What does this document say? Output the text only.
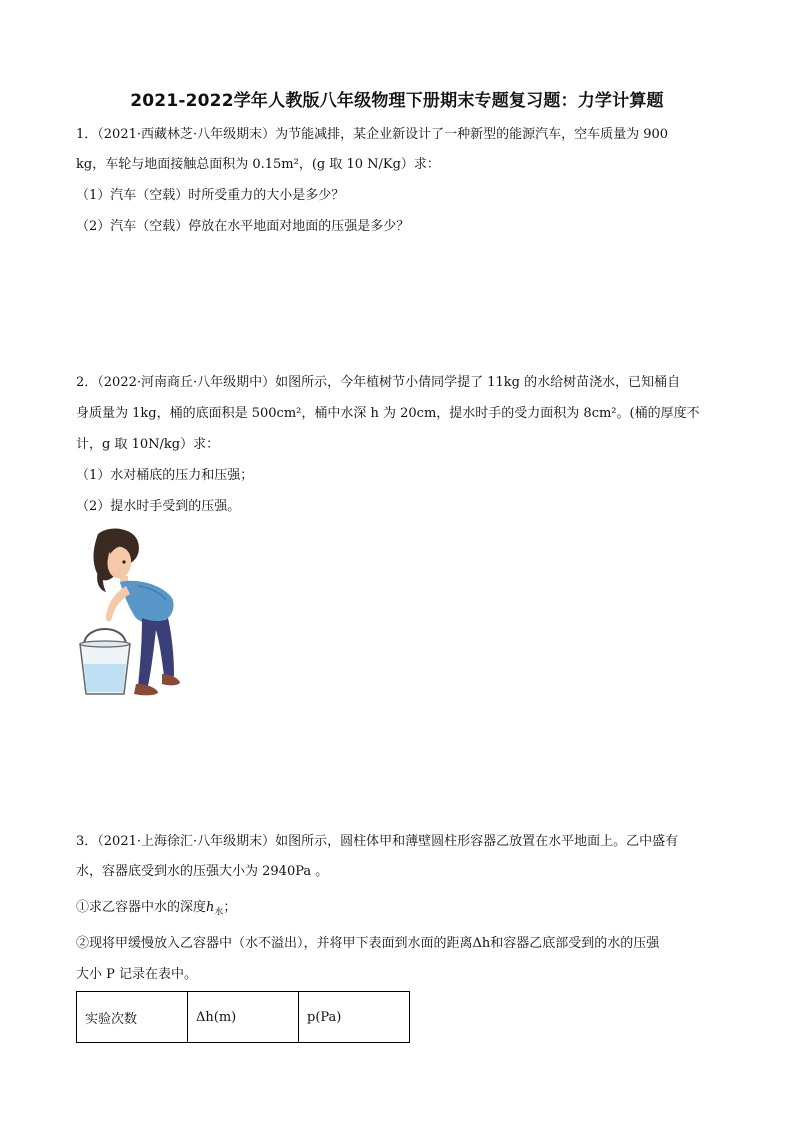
2021-2022学年人教版八年级物理下册期末专题复习题：力学计算题
1．（2021·西藏林芝·八年级期末）为节能减排，某企业新设计了一种新型的能源汽车，空车质量为 900
kg，车轮与地面接触总面积为 0.15m²，(g 取 10 N/Kg）求：
（1）汽车（空载）时所受重力的大小是多少？
（2）汽车（空载）停放在水平地面对地面的压强是多少？
2．（2022·河南商丘·八年级期中）如图所示，今年植树节小倩同学提了 11kg 的水给树苗浇水，已知桶自
身质量为 1kg，桶的底面积是 500cm²，桶中水深 h 为 20cm，提水时手的受力面积为 8cm²。(桶的厚度不
计，g 取 10N/kg）求：
（1）水对桶底的压力和压强；
（2）提水时手受到的压强。
3．（2021·上海徐汇·八年级期末）如图所示，圆柱体甲和薄壁圆柱形容器乙放置在水平地面上。乙中盛有
水，容器底受到水的压强大小为 2940Pa 。
①求乙容器中水的深度$h_水$；
②现将甲缓慢放入乙容器中（水不溢出），并将甲下表面到水面的距离Δh和容器乙底部受到的水的压强
大小 P 记录在表中。
实验次数	Δh(m)	p(Pa)
